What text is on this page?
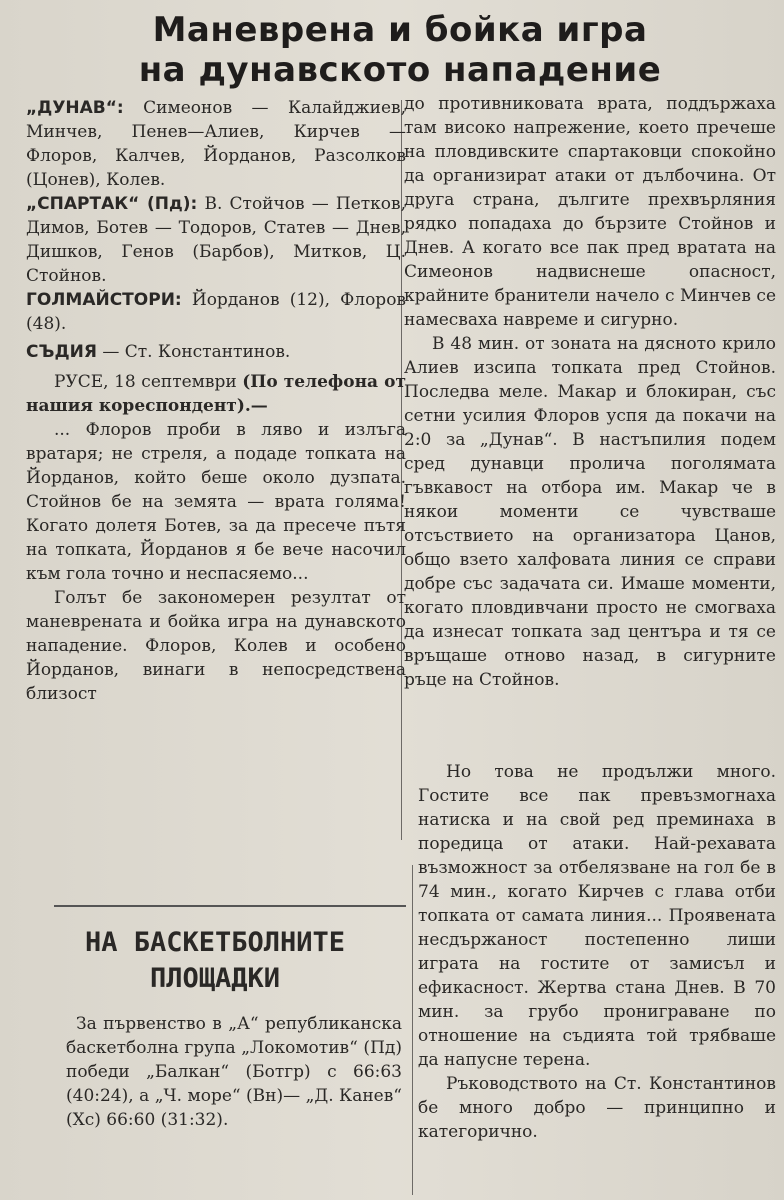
Маневрена и бойка игра
на дунавското нападение

„ДУНАВ“: Симеонов — Калайджиев, Минчев, Пенев—Алиев, Кирчев — Флоров, Калчев, Йорданов, Разсолков (Цонев), Колев.

„СПАРТАК“ (Пд): В. Стойчов — Петков, Димов, Ботев — Тодоров, Статев — Днев, Дишков, Генов (Барбов), Митков, Ц. Стойнов.

ГОЛМАЙСТОРИ: Йорданов (12), Флоров (48).

СЪДИЯ — Ст. Константинов.

РУСЕ, 18 септември (По телефона от нашия кореспондент).—

... Флоров проби в ляво и излъга вратаря; не стреля, а подаде топката на Йорданов, който беше около дузпата. Стойнов бе на земята — врата голяма! Когато долетя Ботев, за да пресече пътя на топката, Йорданов я бе вече насочил към гола точно и неспасяемо...

Голът бе закономерен резултат от маневрената и бойка игра на дунавското нападение. Флоров, Колев и особено Йорданов, винаги в непосредствена близост

до противниковата врата, поддържаха там високо напрежение, което пречеше на пловдивските спартаковци спокойно да организират атаки от дълбочина. От друга страна, дългите прехвърляния рядко попадаха до бързите Стойнов и Днев. А когато все пак пред вратата на Симеонов надвиснеше опасност, крайните бранители начело с Минчев се намесваха навреме и сигурно.

В 48 мин. от зоната на дясното крило Алиев изсипа топката пред Стойнов. Последва меле. Макар и блокиран, със сетни усилия Флоров успя да покачи на 2:0 за „Дунав“. В настъпилия подем сред дунавци пролича поголямата гъвкавост на отбора им. Макар че в някои моменти се чувстваше отсъствието на организатора Цанов, общо взето халфовата линия се справи добре със задачата си. Имаше моменти, когато пловдивчани просто не смогваха да изнесат топката зад центъра и тя се връщаше отново назад, в сигурните ръце на Стойнов.

Но това не продължи много. Гостите все пак превъзмогнаха натиска и на свой ред преминаха в поредица от атаки. Най-рехавата възможност за отбелязване на гол бе в 74 мин., когато Кирчев с глава отби топката от самата линия... Проявената несдържаност постепенно лиши играта на гостите от замисъл и ефикасност. Жертва стана Днев. В 70 мин. за грубо прониграване по отношение на съдията той трябваше да напусне терена.

Ръководството на Ст. Константинов бе много добро — принципно и категорично.

НА БАСКЕТБОЛНИТЕ
ПЛОЩАДКИ

За първенство в „А“ републиканска баскетболна група „Локомотив“ (Пд) победи „Балкан“ (Ботгр) с 66:63 (40:24), а „Ч. море“ (Вн)— „Д. Канев“ (Хс) 66:60 (31:32).
